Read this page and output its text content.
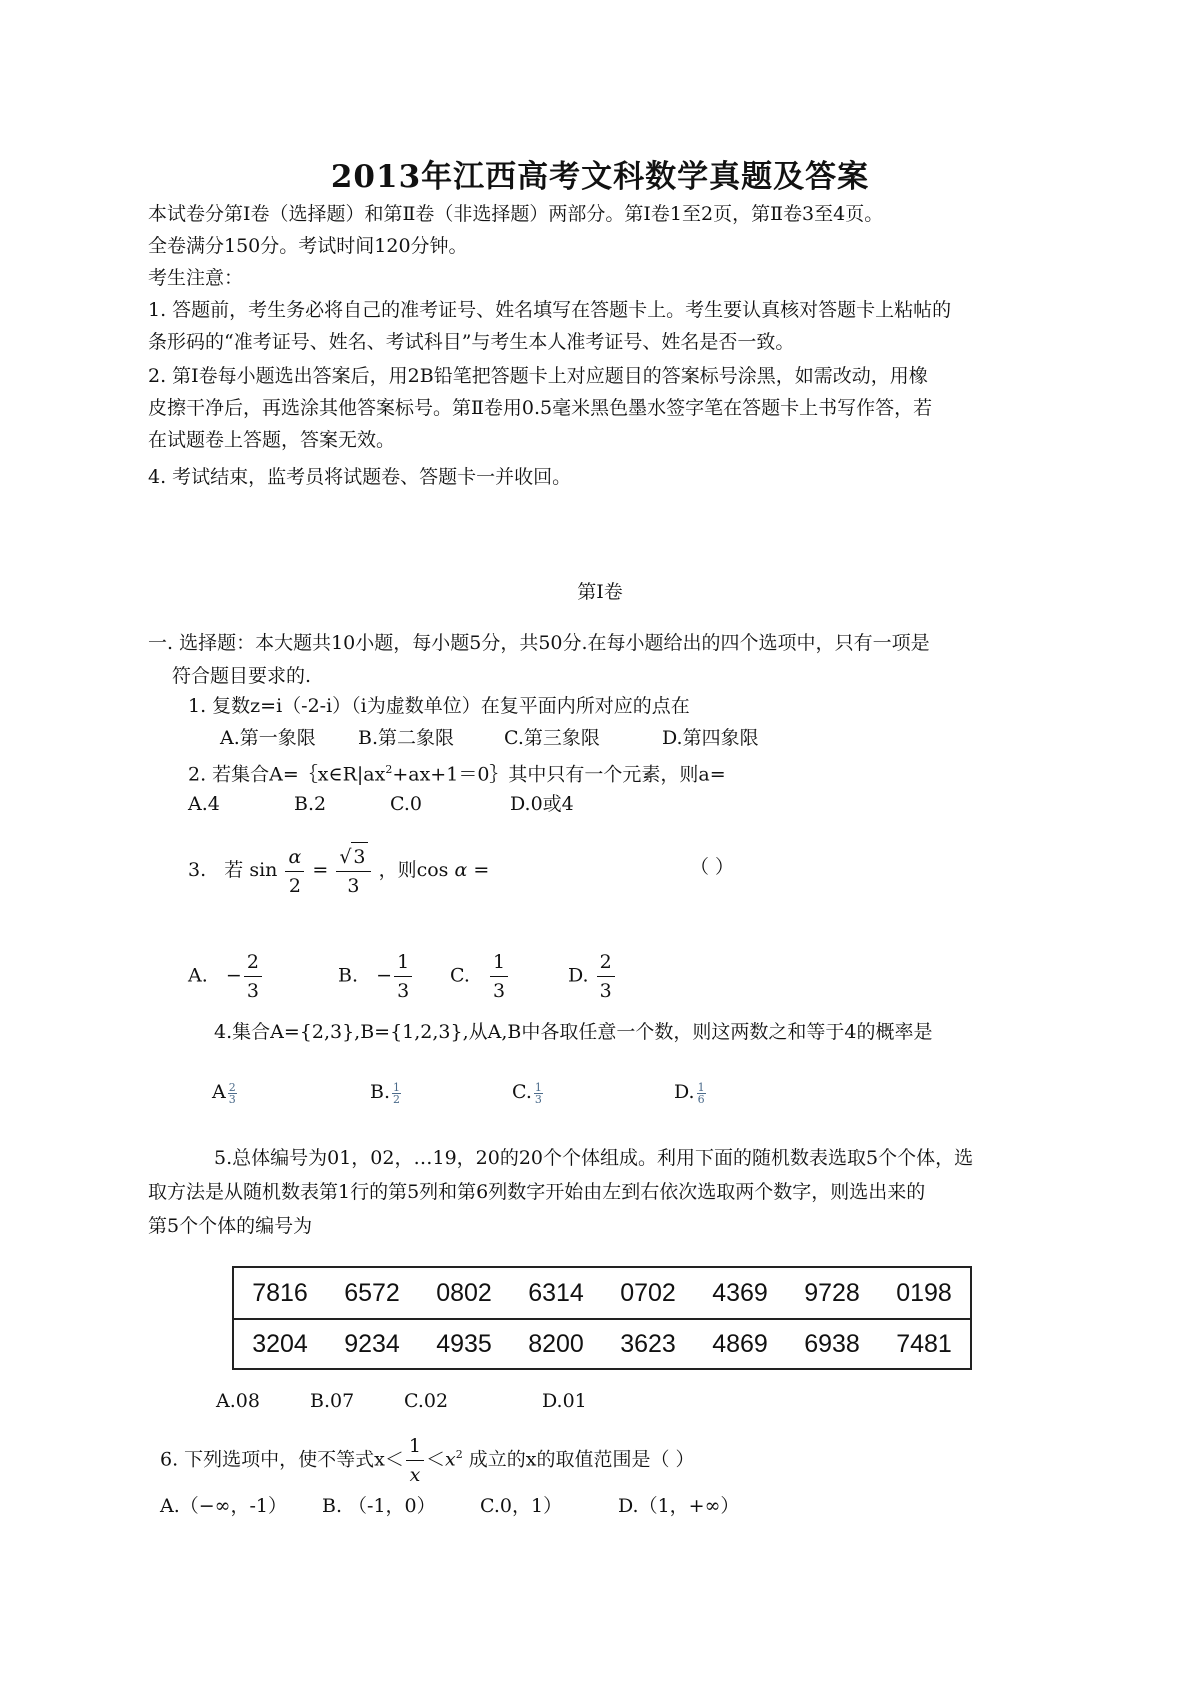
2013年江西高考文科数学真题及答案
本试卷分第Ⅰ卷（选择题）和第Ⅱ卷（非选择题）两部分。第Ⅰ卷1至2页，第Ⅱ卷3至4页。
全卷满分150分。考试时间120分钟。
考生注意：
1. 答题前，考生务必将自己的准考证号、姓名填写在答题卡上。考生要认真核对答题卡上粘帖的
条形码的“准考证号、姓名、考试科目”与考生本人准考证号、姓名是否一致。
2. 第Ⅰ卷每小题选出答案后，用2B铅笔把答题卡上对应题目的答案标号涂黑，如需改动，用橡
皮擦干净后，再选涂其他答案标号。第Ⅱ卷用0.5毫米黑色墨水签字笔在答题卡上书写作答，若
在试题卷上答题，答案无效。
4. 考试结束，监考员将试题卷、答题卡一并收回。
第Ⅰ卷
一. 选择题：本大题共10小题，每小题5分，共50分.在每小题给出的四个选项中，只有一项是
符合题目要求的.
1. 复数z=i（-2-i）（i为虚数单位）在复平面内所对应的点在
A.第一象限 B.第二象限	C.第三象限	D.第四象限
2. 若集合$A=\{x\in R|ax^2+ax+1=0\}$其中只有一个元素，则a=
A.4	B.2	C.0	D.0或4
3. 若 $\sin \frac{\alpha}{2} = \frac{√ 3}{3}$ ，则cos α =	（ ）
A. − $\frac{2}{3}$	B. − $\frac{1}{3} C$. $\frac{1}{3}$	D. $\frac{2}{3}$
4.集合A={2,3},B={1,2,3},从A,B中各取任意一个数，则这两数之和等于4的概率是
A $\frac{2}{3}$	B. $\frac{1}{2}$	C. $\frac{1}{3}$	D. $\frac{1}{6}$
5.总体编号为01，02，…19，20的20个个体组成。利用下面的随机数表选取5个个体，选
取方法是从随机数表第1行的第5列和第6列数字开始由左到右依次选取两个数字，则选出来的
第5个个体的编号为
7816 6572 0802 6314 0702 4369 9728 0198
3204 9234 4935 8200 3623 4869 6938 7481
A.08	B.07	C.02	D.01
6. 下列选项中，使不等式$x< \frac{1}{x} <x^2$ 成立的x的取值范围是（ ）
A.（−∞，-1） B. （-1，0） C.0，1）	D.（1，+∞）
